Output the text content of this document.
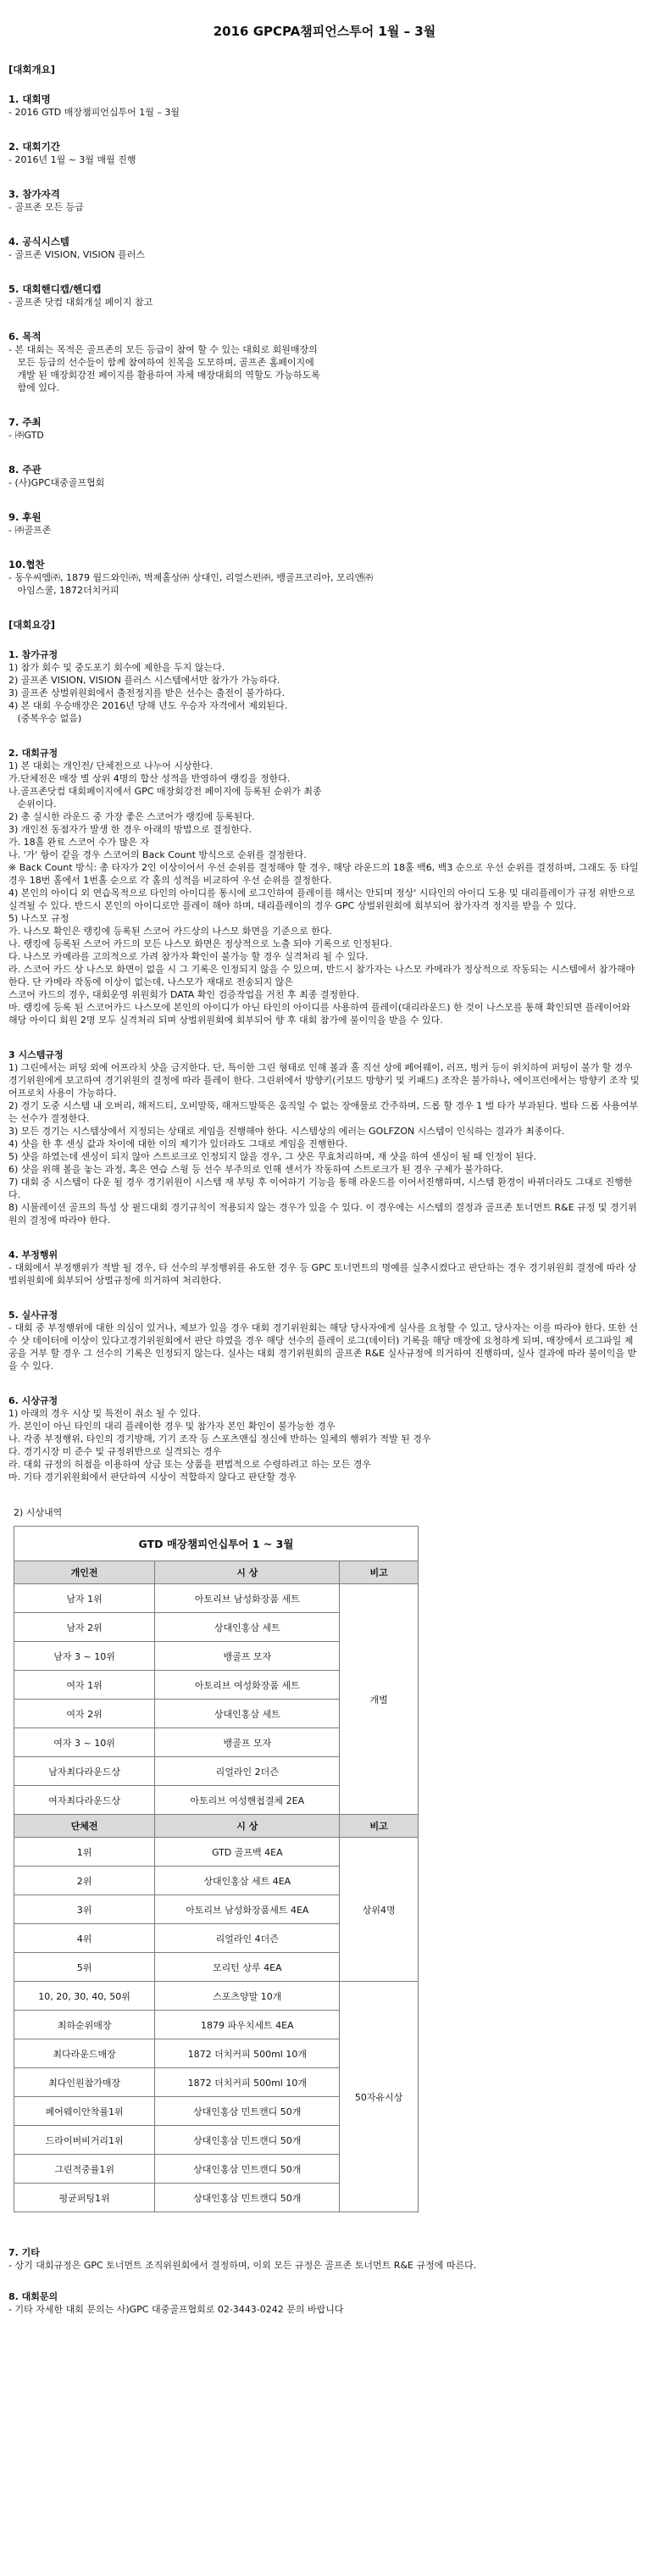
2016 GPCPA챔피언스투어 1월 – 3월
[대회개요]
1. 대회명
- 2016 GTD 매장챔피언십투어 1월 – 3월
2. 대회기간
- 2016년 1월 ~ 3월 매월 진행
3. 참가자격
- 골프존 모든 등급
4. 공식시스템
- 골프존 VISION, VISION 플러스
5. 대회핸디캡/핸디캡
- 골프존 닷컴 대회개설 페이지 참고
6. 목적
- 본 대회는 목적은 골프존의 모든 등급이 참여 할 수 있는 대회로 회원매장의
모든 등급의 선수들이 함께 참여하여 친목을 도모하며, 골프존 홈페이지에
개발 된 매장회강전 페이지를 활용하여 자체 매장대회의 역할도 가능하도록
함에 있다.
7. 주최
- ㈜GTD
8. 주관
- (사)GPC대중골프협회
9. 후원
- ㈜골프존
10.협찬
- 동우씨엠㈜, 1879 월드와인㈜, 벽제홀상㈜ 상대인, 리얼스펀㈜, 뱅골프코리아, 모리앤㈜
아임스쿨, 1872더치커피
[대회요강]
1. 참가규정
1) 참가 회수 및 중도포기 회수에 제한을 두지 않는다.
2) 골프존 VISION, VISION 플러스 시스템에서만 참가가 가능하다.
3) 골프존 상벌위원회에서 출전정지를 받은 선수는 출전이 불가하다.
4) 본 대회 우승매장은 2016년 당해 년도 우승자 자격에서 제외된다.
(중복우승 없음)
2. 대회규정
1) 본 대회는 개인전/ 단체전으로 나누어 시상한다.
가.단체전은 매장 별 상위 4명의 합산 성적을 반영하여 랭킹을 정한다.
나.골프존닷컴 대회페이지에서 GPC 매장회강전 페이지에 등록된 순위가 최종
순위이다.
2) 총 실시한 라운드 중 가장 좋은 스코어가 랭킹에 등록된다.
3) 개인전 동점자가 발생 한 경우 아래의 방법으로 결정한다.
가. 18홀 완료 스코어 수가 많은 자
나. '가' 항이 같을 경우 스코어의 Back Count 방식으로 순위를 결정한다.
※ Back Count 방식: 총 타자가 2인 이상이어서 우선 순위를 결정해야 할 경우, 해당 라운드의 18홀 백6, 백3 순으로 우선 순위를 결정하며, 그래도 동 타일 경우 18번 홀에서 1번홀 순으로 각 홀의 성적을 비교하여 우선 순위를 결정한다.
4) 본인의 아이디 외 연습목적으로 타인의 아이디를 통시에 로그인하여 플레이를 해서는 안되며 정상' 시타인의 아이디 도용 및 대리플레이가 규정 위반으로 실격될 수 있다. 반드시 본인의 아이디로만 플레이 해야 하며, 대리플레이의 경우 GPC 상벌위원회에 회부되어 참가자격 정지를 받을 수 있다.
5) 나스모 규정
가. 나스모 확인은 랭킹에 등록된 스코어 카드상의 나스모 화면을 기준으로 한다.
나. 랭킹에 등록된 스코어 카드의 모든 나스모 화면은 정상적으로 노출 되야 기록으로 인정된다.
다. 나스모 카메라를 고의적으로 가려 참가자 확인이 불가능 할 경우 실격처리 될 수 있다.
라. 스코어 카드 상 나스모 화면이 없을 시 그 기록은 인정되지 않을 수 있으며, 반드시 참가자는 나스모 카메라가 정상적으로 작동되는 시스템에서 참가해야 한다. 단 카메라 작동에 이상이 없는데, 나스모가 재대로 전송되지 않은
스코어 카드의 경우, 대회운영 위원회가 DATA 확인 검증작업을 거친 후 최종 결정한다.
마. 랭킹에 등록 된 스코어카드 나스모에 본인의 아이디가 아닌 타인의 아이디를 사용하여 플레이(대리라운드) 한 것이 나스모를 통해 확인되면 플레이어와 해당 아이디 회원 2명 모두 실격처리 되며 상벌위원회에 회부되어 향 후 대회 참가에 불이익을 받을 수 있다.
3 시스템규정
1) 그린에서는 퍼팅 외에 어프라치 샷을 금지한다. 단, 특이한 그린 형태로 인해 볼과 홀 직선 상에 페어웨이, 러프, 벙커 등이 위치하여 퍼팅이 불가 할 경우 경기위원에게 보고하여 경기위원의 결정에 따라 플레이 한다. 그린위에서 방향키(키보드 방향키 및 키패드) 조작은 불가하나, 에이프런에서는 방향키 조작 및 어프로치 사용이 가능하다.
2) 경기 도중 시스템 내 오버리, 해저드티, 오비말뚝, 해저드말뚝은 움직일 수 없는 장애물로 간주하며, 드롭 할 경우 1 벌 타가 부과된다. 벌타 드롭 사용여부는 선수가 결정한다.
3) 모든 경기는 시스템상에서 지정되는 상태로 게임을 진행해야 한다. 시스템상의 에러는 GOLFZON 시스템이 인식하는 결과가 최종이다.
4) 샷을 한 후 센싱 값과 차이에 대한 이의 제기가 있더라도 그대로 게임을 진행한다.
5) 샷을 하였는데 센싱이 되지 않아 스트로크로 인정되지 않을 경우, 그 샷은 무효처리하며, 재 샷을 하여 센싱이 될 때 인정이 된다.
6) 샷을 위해 볼을 놓는 과정, 혹은 연습 스윙 등 선수 부주의로 인해 센서가 작동하여 스트로크가 된 경우 구제가 불가하다.
7) 대회 중 시스템이 다운 될 경우 경기위원이 시스템 재 부팅 후 이어하기 기능을 통해 라운드를 이어서진행하며, 시스템 환경이 바뀌더라도 그대로 진행한다.
8) 시뮬레이션 골프의 특성 상 필드대회 경기규칙이 적용되지 않는 경우가 있을 수 있다. 이 경우에는 시스템의 결정과 골프존 토너먼트 R&E 규정 및 경기위원의 결정에 따라야 한다.
4. 부정행위
- 대회에서 부정행위가 적발 될 경우, 타 선수의 부정행위를 유도한 경우 등 GPC 토너먼트의 명예를 실추시켰다고 판단하는 경우 경기위원회 결정에 따라 상벌위원회에 회부되어 상벌규정에 의거하여 처리한다.
5. 실사규정
- 대회 중 부정행위에 대한 의심이 있거나, 제보가 있을 경우 대회 경기위원회는 해당 당사자에게 실사를 요청할 수 있고, 당사자는 이를 따라야 한다. 또한 선수 샷 데이터에 이상이 있다고경기위원회에서 판단 하였을 경우 해당 선수의 플레이 로그(데이터) 기록을 해당 매장에 요청하게 되며, 매장에서 로그파일 제공을 거부 할 경우 그 선수의 기록은 인정되지 않는다. 실사는 대회 경기위원회의 골프존 R&E 실사규정에 의거하여 진행하며, 실사 결과에 따라 불이익을 받을 수 있다.
6. 시상규정
1) 아래의 경우 시상 및 특전이 취소 될 수 있다.
가. 본인이 아닌 타인의 대리 플레이한 경우 및 참가자 본인 확인이 불가능한 경우
나. 각종 부정행위, 타인의 경기방해, 기기 조작 등 스포츠맨십 정신에 반하는 일체의 행위가 적발 된 경우
다. 경기시장 미 준수 및 규정위반으로 실격되는 경우
라. 대회 규정의 허점을 이용하여 상금 또는 상품을 편법적으로 수령하려고 하는 모든 경우
마. 기타 경기위원회에서 판단하여 시상이 적합하지 않다고 판단할 경우
2) 시상내역
GTD 매장챔피언십투어 1 ~ 3월		
개인전	시 상	비고
남자 1위	아토리브 남성화장품 세트	개별
남자 2위	상대인홍삼 세트	
남자 3 ~ 10위	뱅골프 모자	
여자 1위	아토리브 여성화장품 세트	
여자 2위	상대인홍삼 세트	
여자 3 ~ 10위	뱅골프 모자	
남자최다라운드상	리얼라인 2더즌	
여자최다라운드상	아토리브 여성핸첩결체 2EA	
단체전	시 상	비고
1위	GTD 골프백 4EA	상위4명
2위	상대인홍삼 세트 4EA	
3위	아토리브 남성화장품세트 4EA	
4위	리얼라인 4더즌	
5위	모리턴 상루 4EA	
10, 20, 30, 40, 50위	스포츠양말 10개	50자유시상
최하순위매장	1879 파우치세트 4EA	
최다라운드매장	1872 더치커피 500ml 10개	
최다인원참가매장	1872 더치커피 500ml 10개	
페어웨이안착률1위	상대인홍삼 민트캔디 50개	
드라이버비거리1위	상대인홍삼 민트캔디 50개	
그린적중률1위	상대인홍삼 민트캔디 50개	
평균퍼팅1위	상대인홍삼 민트캔디 50개	
7. 기타
- 상기 대회규정은 GPC 토너먼트 조직위원회에서 결정하며, 이외 모든 규정은 골프존 토너먼트 R&E 규정에 따른다.
8. 대회문의
- 기타 자세한 대회 문의는 사)GPC 대중골프협회로 02-3443-0242 문의 바랍니다
